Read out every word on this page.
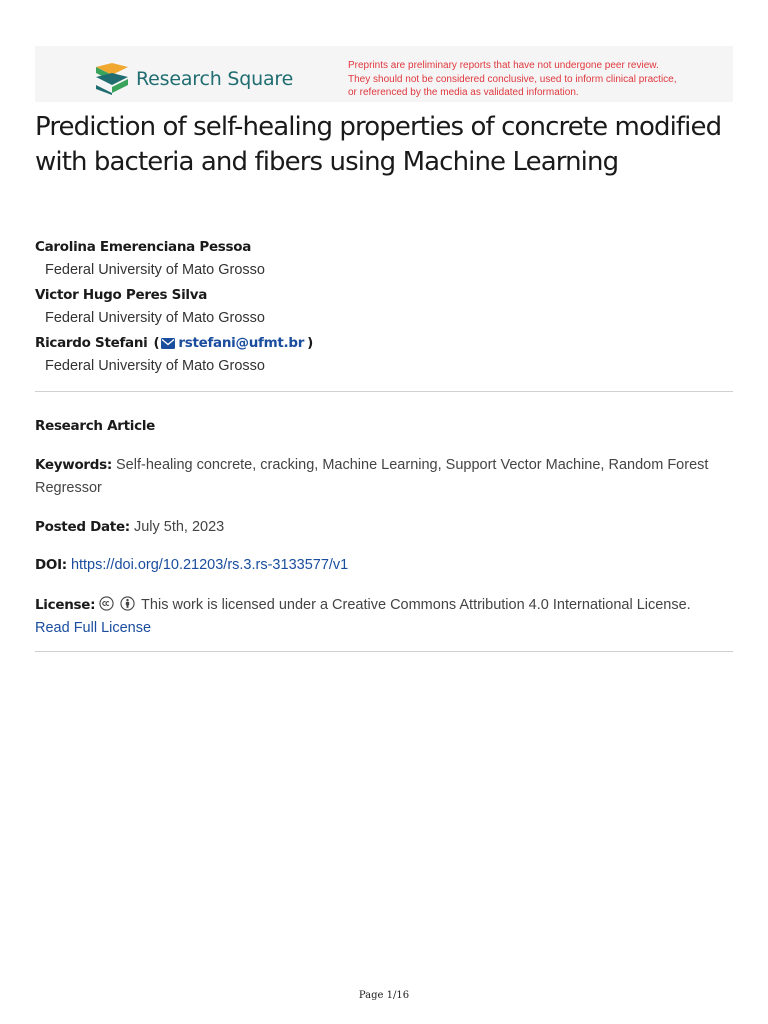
Research Square
Preprints are preliminary reports that have not undergone peer review.
They should not be considered conclusive, used to inform clinical practice,
or referenced by the media as validated information.
Prediction of self-healing properties of concrete modified with bacteria and fibers using Machine Learning
Carolina Emerenciana Pessoa
Federal University of Mato Grosso
Victor Hugo Peres Silva
Federal University of Mato Grosso
Ricardo Stefani ( rstefani@ufmt.br )
Federal University of Mato Grosso
Research Article
Keywords: Self-healing concrete, cracking, Machine Learning, Support Vector Machine, Random Forest Regressor
Posted Date: July 5th, 2023
DOI: https://doi.org/10.21203/rs.3.rs-3133577/v1
License:	This work is licensed under a Creative Commons Attribution 4.0 International License.
Read Full License
Page 1/16
